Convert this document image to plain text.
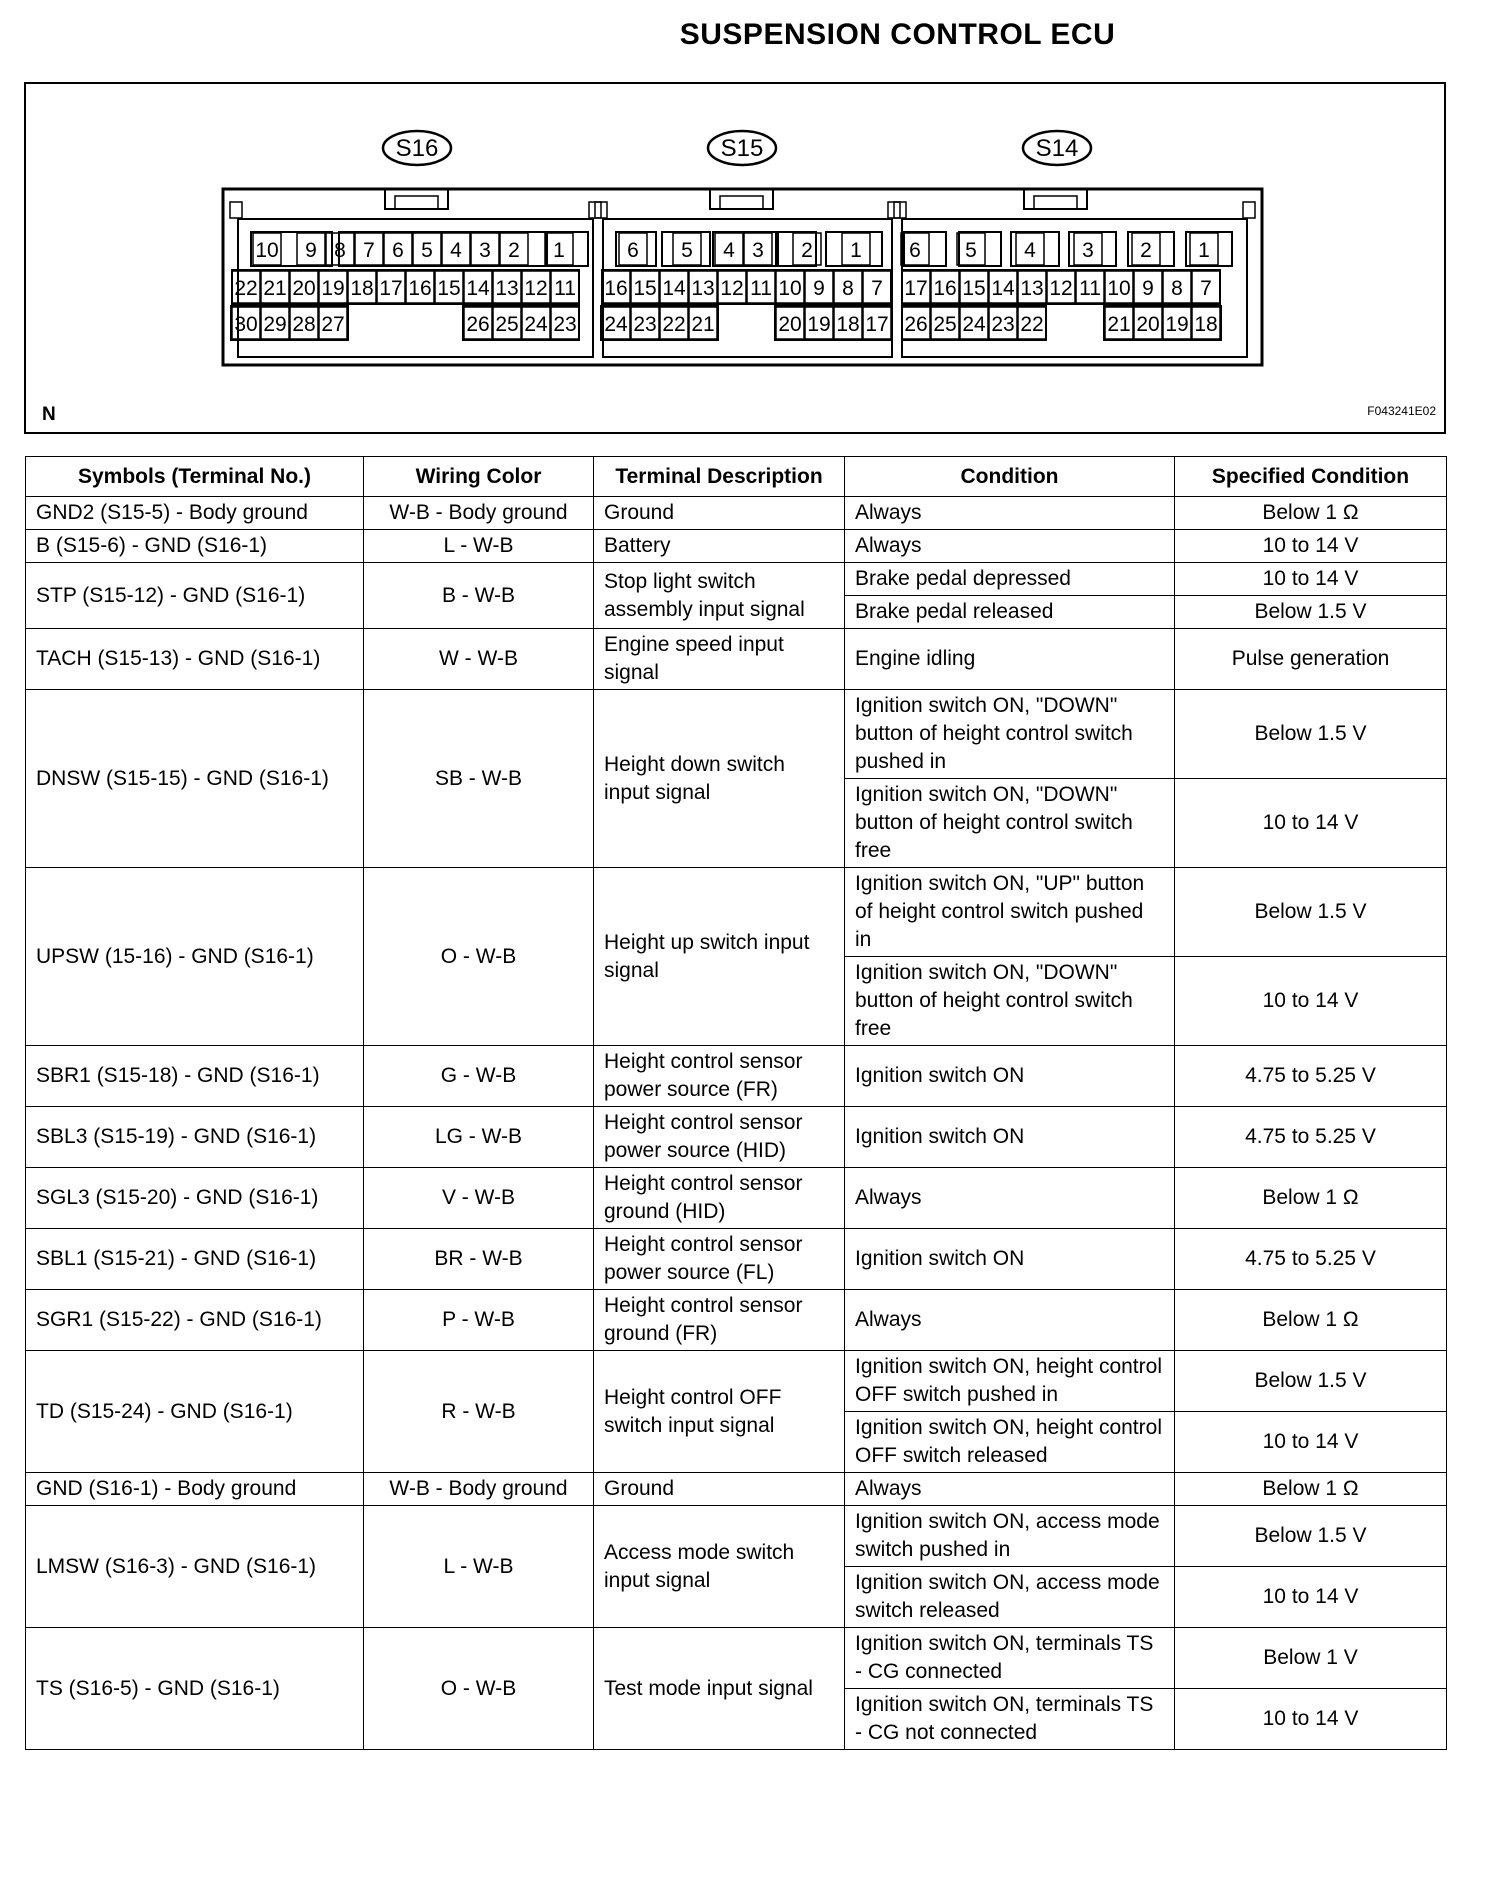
SUSPENSION CONTROL ECU
S16
10 9 8 7 6 5 4 3 2 1
22 21 20 19 18 17 16 15 14 13 12 11
30 29 28 27	26 25 24 23
S15
6 5 4 3 2 1
16 15 14 13 12 11 10 9 8 7
24 23 22 21	20 19 18 17
S14
6 5 4 3 2 1
17 16 15 14 13 12 11 10 9 8 7
26 25 24 23 22	21 20 19 18
N	F043241E02
Symbols (Terminal No.)	Wiring Color	Terminal Description	Condition	Specified Condition
GND2 (S15-5) - Body ground	W-B - Body ground	Ground	Always	Below 1 Ω
B (S15-6) - GND (S16-1)	L - W-B	Battery	Always	10 to 14 V
STP (S15-12) - GND (S16-1)	B - W-B	Stop light switch assembly input signal	Brake pedal depressed	10 to 14 V
			Brake pedal released	Below 1.5 V
TACH (S15-13) - GND (S16-1)	W - W-B	Engine speed input signal	Engine idling	Pulse generation
DNSW (S15-15) - GND (S16-1)	SB - W-B	Height down switch input signal	Ignition switch ON, "DOWN" button of height control switch pushed in	Below 1.5 V
			Ignition switch ON, "DOWN" button of height control switch free	10 to 14 V
UPSW (15-16) - GND (S16-1)	O - W-B	Height up switch input signal	Ignition switch ON, "UP" button of height control switch pushed in	Below 1.5 V
			Ignition switch ON, "DOWN" button of height control switch free	10 to 14 V
SBR1 (S15-18) - GND (S16-1)	G - W-B	Height control sensor power source (FR)	Ignition switch ON	4.75 to 5.25 V
SBL3 (S15-19) - GND (S16-1)	LG - W-B	Height control sensor power source (HID)	Ignition switch ON	4.75 to 5.25 V
SGL3 (S15-20) - GND (S16-1)	V - W-B	Height control sensor ground (HID)	Always	Below 1 Ω
SBL1 (S15-21) - GND (S16-1)	BR - W-B	Height control sensor power source (FL)	Ignition switch ON	4.75 to 5.25 V
SGR1 (S15-22) - GND (S16-1)	P - W-B	Height control sensor ground (FR)	Always	Below 1 Ω
TD (S15-24) - GND (S16-1)	R - W-B	Height control OFF switch input signal	Ignition switch ON, height control OFF switch pushed in	Below 1.5 V
			Ignition switch ON, height control OFF switch released	10 to 14 V
GND (S16-1) - Body ground	W-B - Body ground	Ground	Always	Below 1 Ω
LMSW (S16-3) - GND (S16-1)	L - W-B	Access mode switch input signal	Ignition switch ON, access mode switch pushed in	Below 1.5 V
			Ignition switch ON, access mode switch released	10 to 14 V
TS (S16-5) - GND (S16-1)	O - W-B	Test mode input signal	Ignition switch ON, terminals TS - CG connected	Below 1 V
			Ignition switch ON, terminals TS - CG not connected	10 to 14 V
